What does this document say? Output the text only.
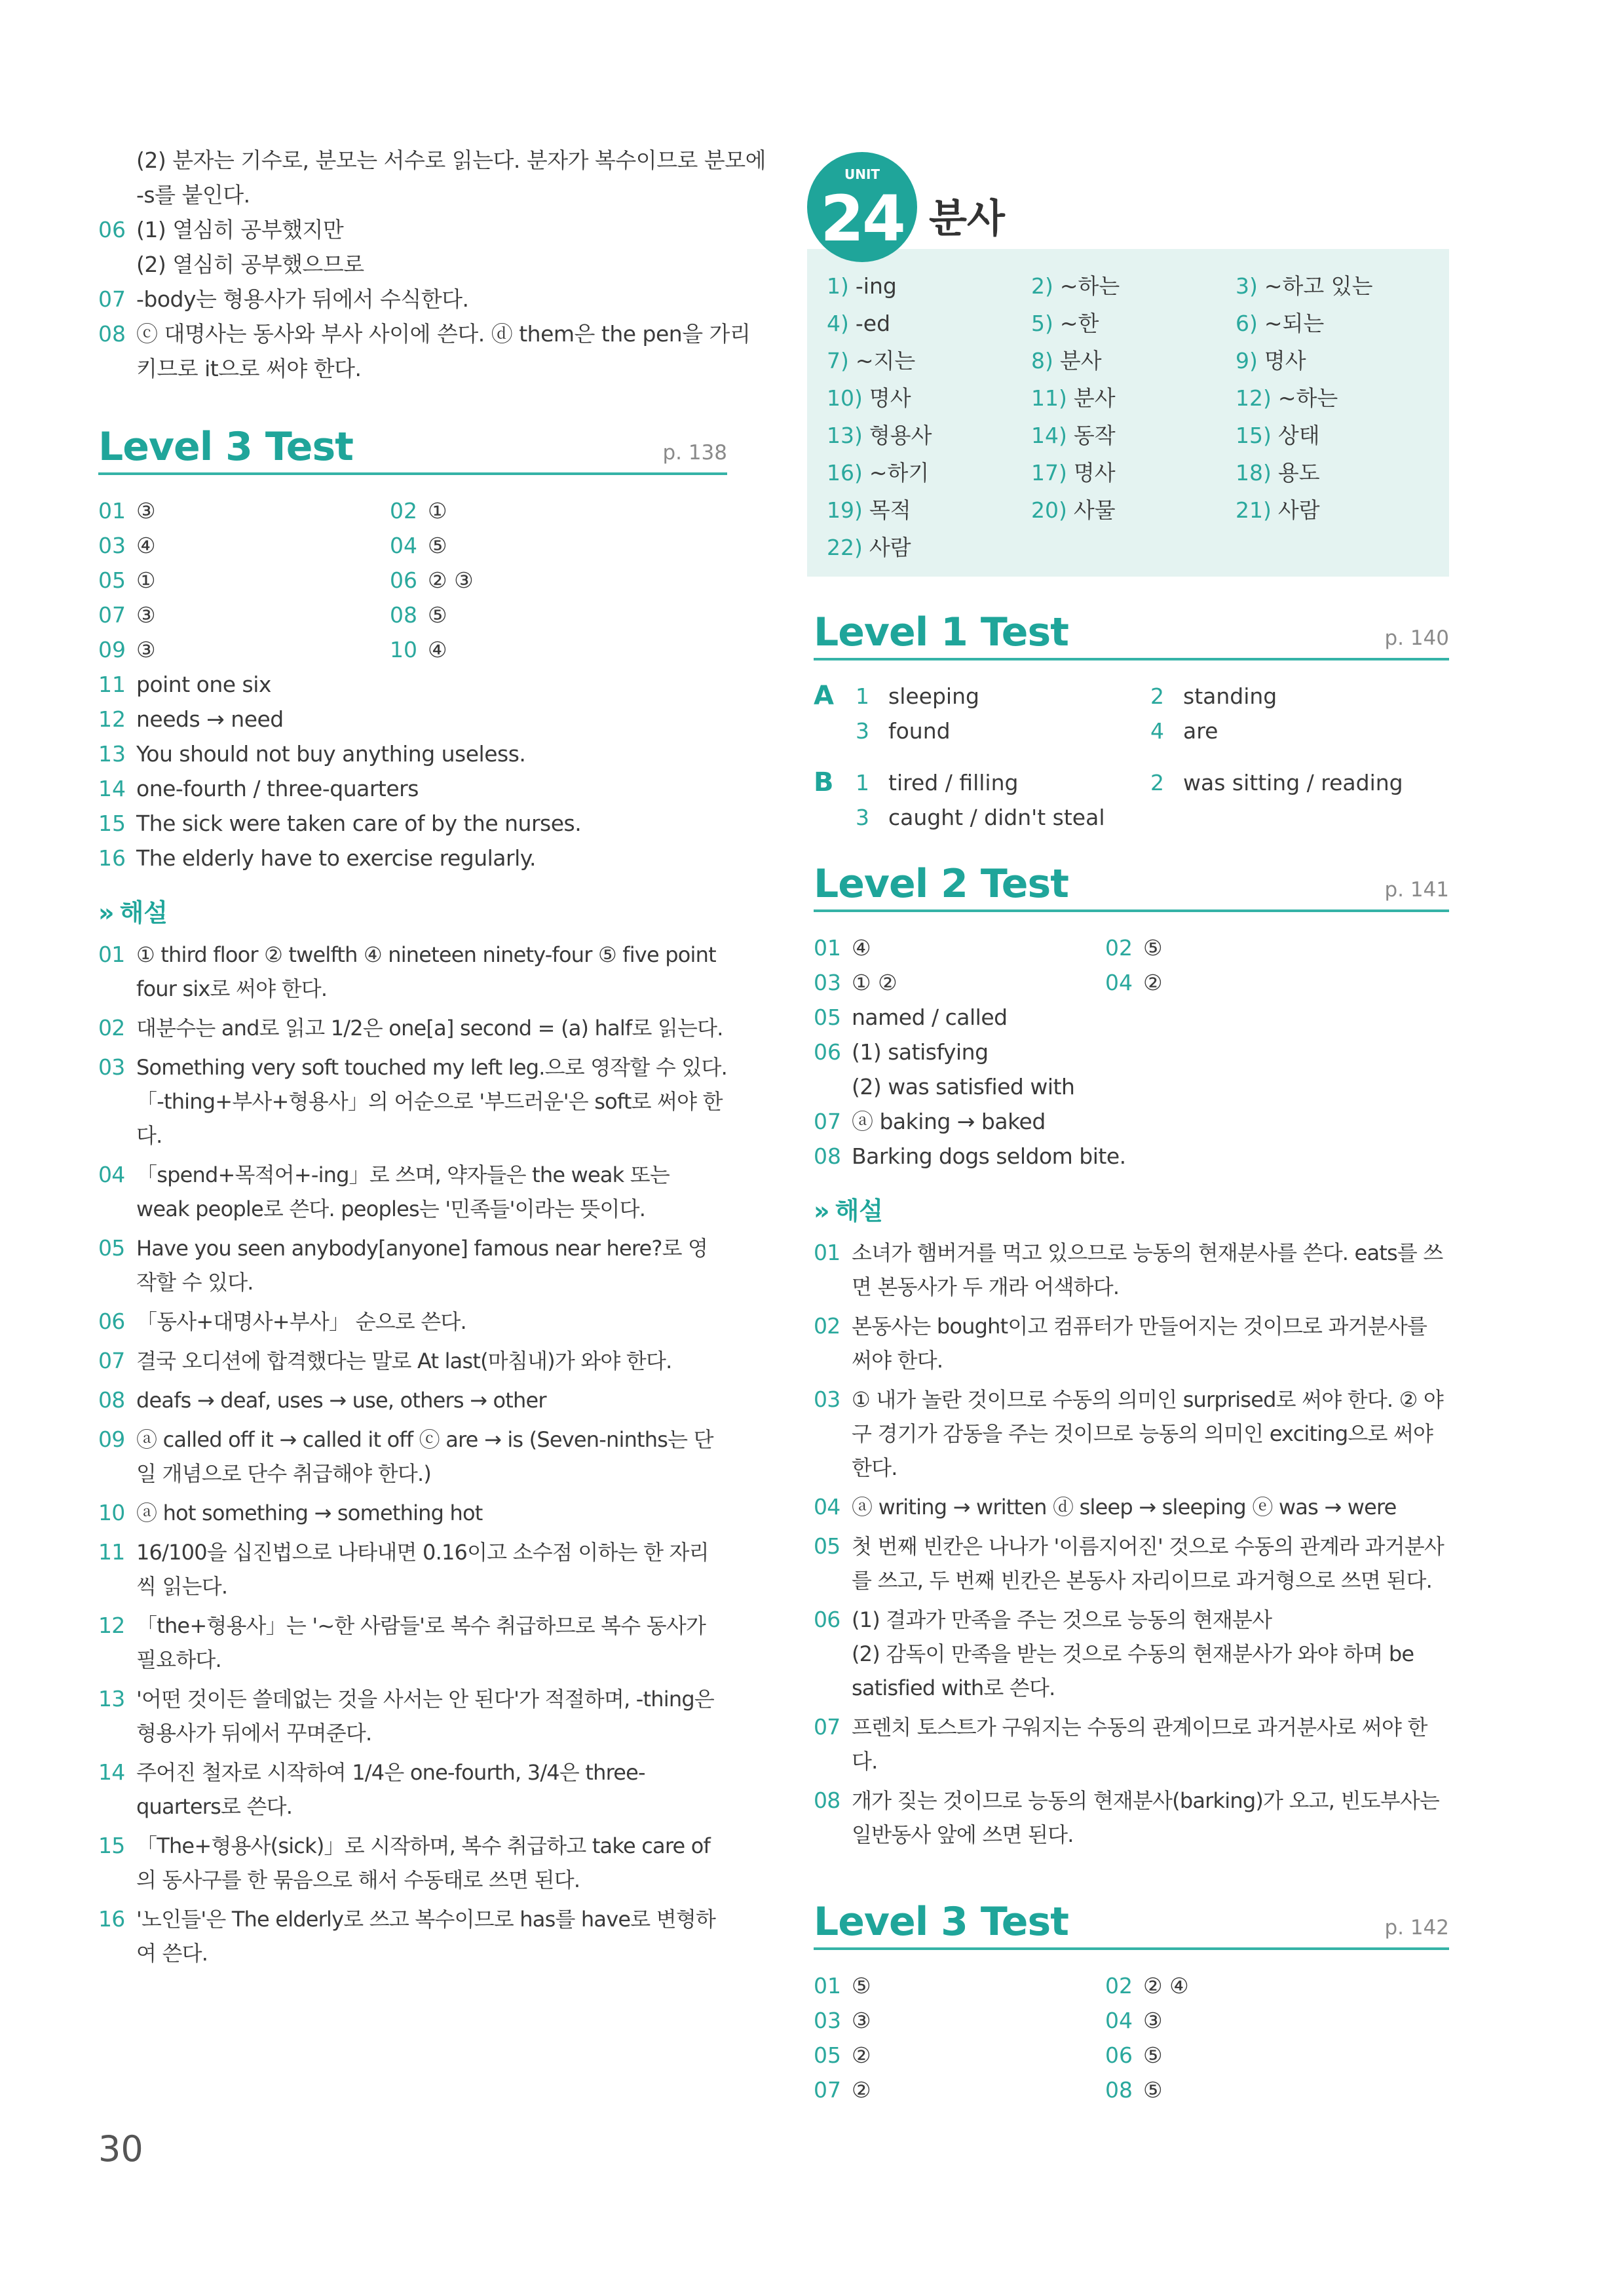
(2) 분자는 기수로, 분모는 서수로 읽는다. 분자가 복수이므로 분모에
-s를 붙인다.
06 (1) 열심히 공부했지만
(2) 열심히 공부했으므로
07 -body는 형용사가 뒤에서 수식한다.
08 ⓒ 대명사는 동사와 부사 사이에 쓴다. ⓓ them은 the pen을 가리
키므로 it으로 써야 한다.
Level 3 Test	p. 138
01 ③	02 ①
03 ④	04 ⑤
05 ①	06 ② ③
07 ③	08 ⑤
09 ③	10 ④
11 point one six
12 needs → need
13 You should not buy anything useless.
14 one-fourth / three-quarters
15 The sick were taken care of by the nurses.
16 The elderly have to exercise regularly.
» 해설
01 ① third floor ② twelfth ④ nineteen ninety-four ⑤ five point four six로 써야 한다.
02 대분수는 and로 읽고 1/2은 one[a] second = (a) half로 읽는다.
03 Something very soft touched my left leg.으로 영작할 수 있다. 「-thing+부사+형용사」의 어순으로 '부드러운'은 soft로 써야 한다.
04 「spend+목적어+-ing」로 쓰며, 약자들은 the weak 또는 weak people로 쓴다. peoples는 '민족들'이라는 뜻이다.
05 Have you seen anybody[anyone] famous near here?로 영작할 수 있다.
06 「동사+대명사+부사」 순으로 쓴다.
07 결국 오디션에 합격했다는 말로 At last(마침내)가 와야 한다.
08 deafs → deaf, uses → use, others → other
09 ⓐ called off it → called it off ⓒ are → is (Seven-ninths는 단일 개념으로 단수 취급해야 한다.)
10 ⓐ hot something → something hot
11 16/100을 십진법으로 나타내면 0.16이고 소수점 이하는 한 자리씩 읽는다.
12 「the+형용사」는 '~한 사람들'로 복수 취급하므로 복수 동사가 필요하다.
13 '어떤 것이든 쓸데없는 것을 사서는 안 된다'가 적절하며, -thing은 형용사가 뒤에서 꾸며준다.
14 주어진 철자로 시작하여 1/4은 one-fourth, 3/4은 three-quarters로 쓴다.
15 「The+형용사(sick)」로 시작하며, 복수 취급하고 take care of의 동사구를 한 묶음으로 해서 수동태로 쓰면 된다.
16 '노인들'은 The elderly로 쓰고 복수이므로 has를 have로 변형하여 쓴다.
1) -ing	2) ~하는	3) ~하고 있는
4) -ed	5) ~한	6) ~되는
7) ~지는	8) 분사	9) 명사
10) 명사	11) 분사	12) ~하는
13) 형용사	14) 동작	15) 상태
16) ~하기	17) 명사	18) 용도
19) 목적	20) 사물	21) 사람
22) 사람
UNIT
24 분사
Level 1 Test	p. 140
A	1 sleeping	2 standing
3 found	4 are
B	1 tired / filling	2 was sitting / reading
3 caught / didn't steal
Level 2 Test	p. 141
01 ④	02 ⑤
03 ① ②	04 ②
05 named / called
06 (1) satisfying
(2) was satisfied with
07 ⓐ baking → baked
08 Barking dogs seldom bite.
» 해설
01 소녀가 햄버거를 먹고 있으므로 능동의 현재분사를 쓴다. eats를 쓰면 본동사가 두 개라 어색하다.
02 본동사는 bought이고 컴퓨터가 만들어지는 것이므로 과거분사를 써야 한다.
03 ① 내가 놀란 것이므로 수동의 의미인 surprised로 써야 한다. ② 야구 경기가 감동을 주는 것이므로 능동의 의미인 exciting으로 써야 한다.
04 ⓐ writing → written ⓓ sleep → sleeping ⓔ was → were
05 첫 번째 빈칸은 나나가 '이름지어진' 것으로 수동의 관계라 과거분사를 쓰고, 두 번째 빈칸은 본동사 자리이므로 과거형으로 쓰면 된다.
06 (1) 결과가 만족을 주는 것으로 능동의 현재분사
(2) 감독이 만족을 받는 것으로 수동의 현재분사가 와야 하며 be satisfied with로 쓴다.
07 프렌치 토스트가 구워지는 수동의 관계이므로 과거분사로 써야 한다.
08 개가 짖는 것이므로 능동의 현재분사(barking)가 오고, 빈도부사는 일반동사 앞에 쓰면 된다.
Level 3 Test	p. 142
01 ⑤	02 ② ④
03 ③	04 ③
05 ②	06 ⑤
07 ②	08 ⑤
30
